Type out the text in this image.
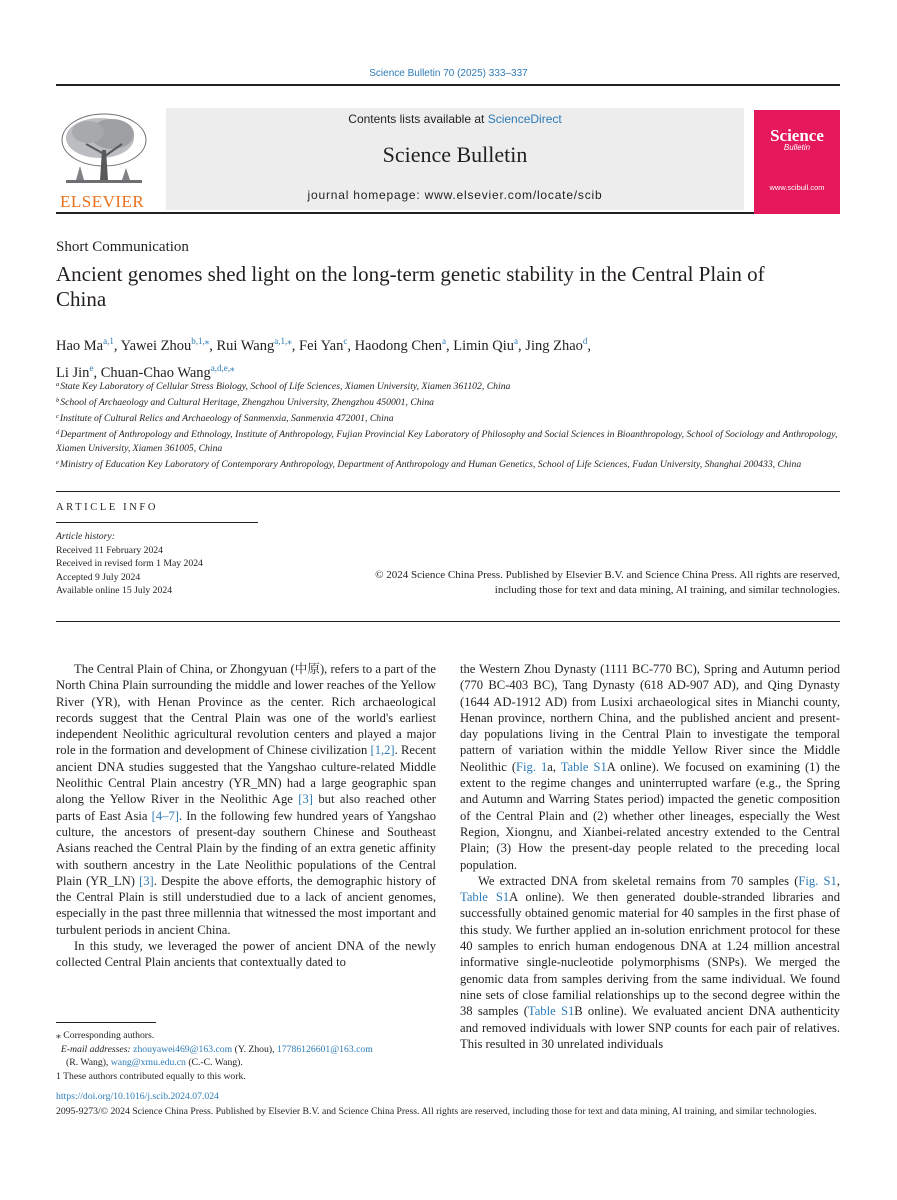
Science Bulletin 70 (2025) 333–337
ELSEVIER
Contents lists available at ScienceDirect
Science Bulletin
journal homepage: www.elsevier.com/locate/scib
Science
Bulletin
www.scibull.com
Short Communication
Ancient genomes shed light on the long-term genetic stability in the Central Plain of China
Hao Ma$^{a,1}$, Yawei Zhou$^{b,1,⁎}$, Rui Wang$^{a,1,⁎}$, Fei Yan$^c$, Haodong Chen$^a$, Limin Qiu$^a$, Jing Zhao$^d$,
Li Jin$^e$, Chuan-Chao Wang$^{a,d,e,⁎}$
$^a$State Key Laboratory of Cellular Stress Biology, School of Life Sciences, Xiamen University, Xiamen 361102, China
$^b$School of Archaeology and Cultural Heritage, Zhengzhou University, Zhengzhou 450001, China
$^c$Institute of Cultural Relics and Archaeology of Sanmenxia, Sanmenxia 472001, China
$^d$Department of Anthropology and Ethnology, Institute of Anthropology, Fujian Provincial Key Laboratory of Philosophy and Social Sciences in Bioanthropology, School of Sociology and Anthropology, Xiamen University, Xiamen 361005, China
$^e$Ministry of Education Key Laboratory of Contemporary Anthropology, Department of Anthropology and Human Genetics, School of Life Sciences, Fudan University, Shanghai 200433, China
ARTICLE INFO
Article history:
Received 11 February 2024
Received in revised form 1 May 2024
Accepted 9 July 2024
Available online 15 July 2024
© 2024 Science China Press. Published by Elsevier B.V. and Science China Press. All rights are reserved,
including those for text and data mining, AI training, and similar technologies.

The Central Plain of China, or Zhongyuan (中原), refers to a part of the North China Plain surrounding the middle and lower reaches of the Yellow River (YR), with Henan Province as the center. Rich archaeological records suggest that the Central Plain was one of the world's earliest independent Neolithic agricultural revolution centers and played a major role in the formation and development of Chinese civilization [1,2]. Recent ancient DNA studies suggested that the Yangshao culture-related Middle Neolithic Central Plain ancestry (YR_MN) had a large geographic span along the Yellow River in the Neolithic Age [3] but also reached other parts of East Asia [4–7]. In the following few hundred years of Yangshao culture, the ancestors of present-day southern Chinese and Southeast Asians reached the Central Plain by the finding of an extra genetic affinity with southern ancestry in the Late Neolithic populations of the Central Plain (YR_LN) [3]. Despite the above efforts, the demographic history of the Central Plain is still understudied due to a lack of ancient genomes, especially in the past three millennia that witnessed the most important and turbulent periods in ancient China.

In this study, we leveraged the power of ancient DNA of the newly collected Central Plain ancients that contextually dated to

the Western Zhou Dynasty (1111 BC-770 BC), Spring and Autumn period (770 BC-403 BC), Tang Dynasty (618 AD-907 AD), and Qing Dynasty (1644 AD-1912 AD) from Lusixi archaeological sites in Mianchi county, Henan province, northern China, and the published ancient and present-day populations living in the Central Plain to investigate the temporal pattern of variation within the middle Yellow River since the Middle Neolithic (Fig. 1a, Table S1A online). We focused on examining (1) the extent to the regime changes and uninterrupted warfare (e.g., the Spring and Autumn and Warring States period) impacted the genetic composition of the Central Plain and (2) whether other lineages, especially the West Region, Xiongnu, and Xianbei-related ancestry extended to the Central Plain; (3) How the present-day people related to the preceding local population.

We extracted DNA from skeletal remains from 70 samples (Fig. S1, Table S1A online). We then generated double-stranded libraries and successfully obtained genomic material for 40 samples in the first phase of this study. We further applied an in-solution enrichment protocol for these 40 samples to enrich human endogenous DNA at 1.24 million ancestral informative single-nucleotide polymorphisms (SNPs). We merged the genomic data from samples deriving from the same individual. We found nine sets of close familial relationships up to the second degree within the 38 samples (Table S1B online). We evaluated ancient DNA authenticity and removed individuals with lower SNP counts for each pair of relatives. This resulted in 30 unrelated individuals

⁎ Corresponding authors.
E-mail addresses: zhouyawei469@163.com (Y. Zhou), 17786126601@163.com
(R. Wang), wang@xmu.edu.cn (C.-C. Wang).
1 These authors contributed equally to this work.
https://doi.org/10.1016/j.scib.2024.07.024
2095-9273/© 2024 Science China Press. Published by Elsevier B.V. and Science China Press. All rights are reserved, including those for text and data mining, AI training, and similar technologies.
